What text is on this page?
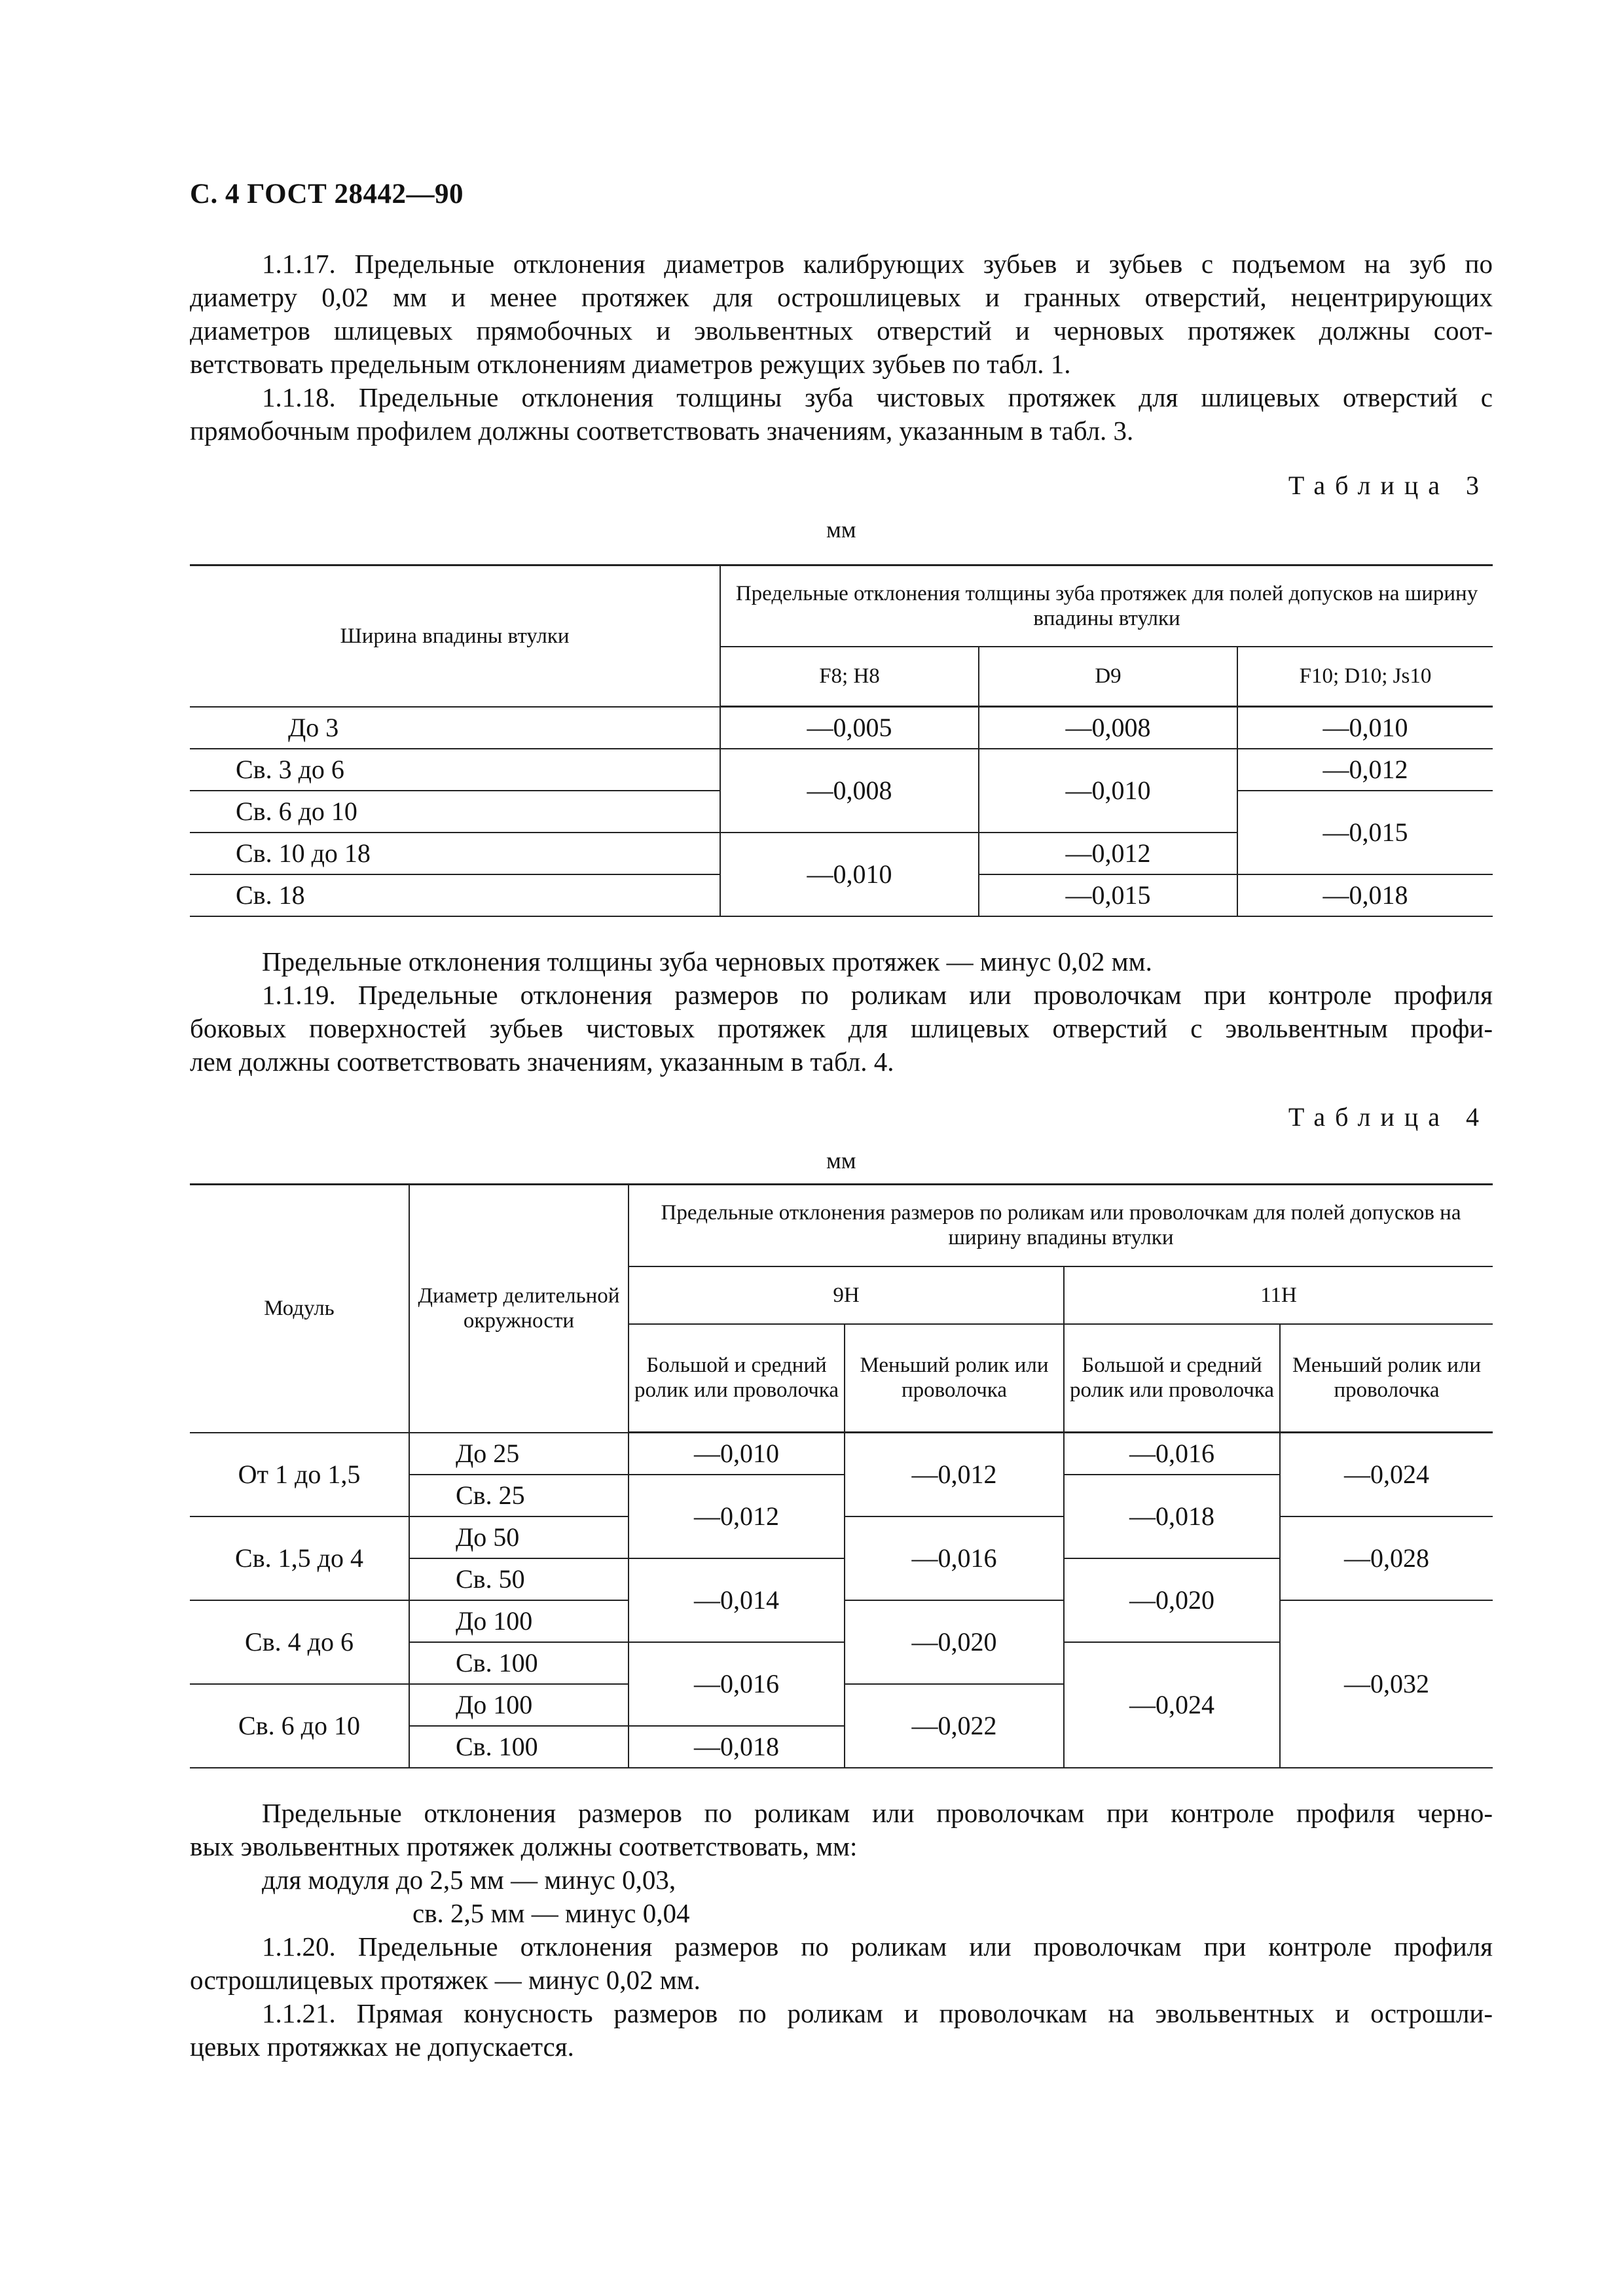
С. 4 ГОСТ 28442—90

1.1.17. Предельные отклонения диаметров калибрующих зубьев и зубьев с подъемом на зуб по
диаметру 0,02 мм и менее протяжек для острошлицевых и гранных отверстий, нецентрирующих
диаметров шлицевых прямобочных и эвольвентных отверстий и черновых протяжек должны соот-
ветствовать предельным отклонениям диаметров режущих зубьев по табл. 1.

1.1.18. Предельные отклонения толщины зуба чистовых протяжек для шлицевых отверстий с
прямобочным профилем должны соответствовать значениям, указанным в табл. 3.

Таблица 3
мм
Ширина впадины втулки	Предельные отклонения толщины зуба протяжек для полей допусков на ширину впадины втулки		
	F8; H8	D9	F10; D10; Js10
До 3	—0,005	—0,008	—0,010
Св. 3 до 6	—0,008	—0,010	—0,012
Св. 6 до 10			—0,015
Св. 10 до 18	—0,010	—0,012	
Св. 18		—0,015	—0,018

Предельные отклонения толщины зуба черновых протяжек — минус 0,02 мм.

1.1.19. Предельные отклонения размеров по роликам или проволочкам при контроле профиля
боковых поверхностей зубьев чистовых протяжек для шлицевых отверстий с эвольвентным профи-
лем должны соответствовать значениям, указанным в табл. 4.

Таблица 4
мм
Модуль	Диаметр делительной окружности	Предельные отклонения размеров по роликам или проволочкам для полей допусков на ширину впадины втулки			
		9H		11H	
		Большой и средний ролик или проволочка	Меньший ролик или проволочка	Большой и средний ролик или проволочка	Меньший ролик или проволочка
От 1 до 1,5	До 25	—0,010	—0,012	—0,016	—0,024
	Св. 25	—0,012		—0,018	
Св. 1,5 до 4	До 50		—0,016		—0,028
	Св. 50	—0,014		—0,020	
Св. 4 до 6	До 100		—0,020		—0,032
	Св. 100	—0,016		—0,024	
Св. 6 до 10	До 100		—0,022		
	Св. 100	—0,018			

Предельные отклонения размеров по роликам или проволочкам при контроле профиля черно-
вых эвольвентных протяжек должны соответствовать, мм:

для модуля до 2,5 мм — минус 0,03,
св. 2,5 мм — минус 0,04

1.1.20. Предельные отклонения размеров по роликам или проволочкам при контроле профиля
острошлицевых протяжек — минус 0,02 мм.

1.1.21. Прямая конусность размеров по роликам и проволочкам на эвольвентных и острошли-
цевых протяжках не допускается.
